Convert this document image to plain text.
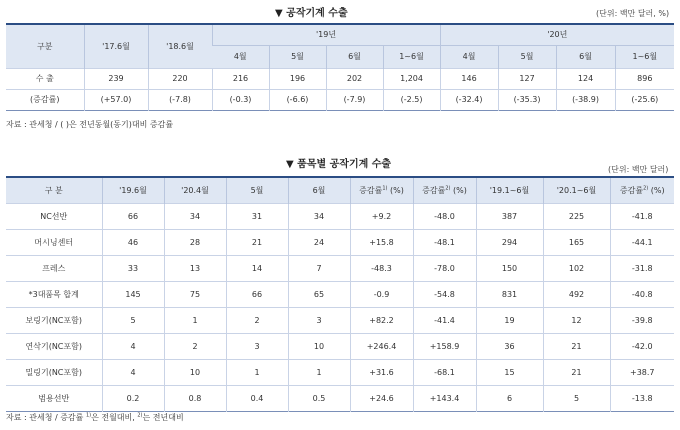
▼ 공작기계 수출	(단위: 백만 달러, %)
구분	'17.6월	'18.6월	'19년				'20년			
			4월	5월	6월	1~6월	4월	5월	6월	1~6월
수 출	239	220	216	196	202	1,204	146	127	124	896
(증감률)	(+57.0)	(-7.8)	(-0.3)	(-6.6)	(-7.9)	(-2.5)	(-32.4)	(-35.3)	(-38.9)	(-25.6)
자료 : 관세청 / ( )은 전년동월(동기)대비 증감률
▼ 품목별 공작기계 수출	(단위: 백만 달러)
구 분	'19.6월	'20.4월	5월	6월	증감률$^{1)}$ (%)	증감률$^{2)}$ (%)	'19.1~6월	'20.1~6월	증감률$^{2)}$ (%)
NC선반	66	34	31	34	+9.2	-48.0	387	225	-41.8
머시닝센터	46	28	21	24	+15.8	-48.1	294	165	-44.1
프레스	33	13	14	7	-48.3	-78.0	150	102	-31.8
*3대품목 합계	145	75	66	65	-0.9	-54.8	831	492	-40.8
보링기(NC포함)	5	1	2	3	+82.2	-41.4	19	12	-39.8
연삭기(NC포함)	4	2	3	10	+246.4	+158.9	36	21	-42.0
밀링기(NC포함)	4	10	1	1	+31.6	-68.1	15	21	+38.7
범용선반	0.2	0.8	0.4	0.5	+24.6	+143.4	6	5	-13.8
자료 : 관세청 / 증감률 $^{1)}$은 전월대비, $^{2)}$는 전년대비
